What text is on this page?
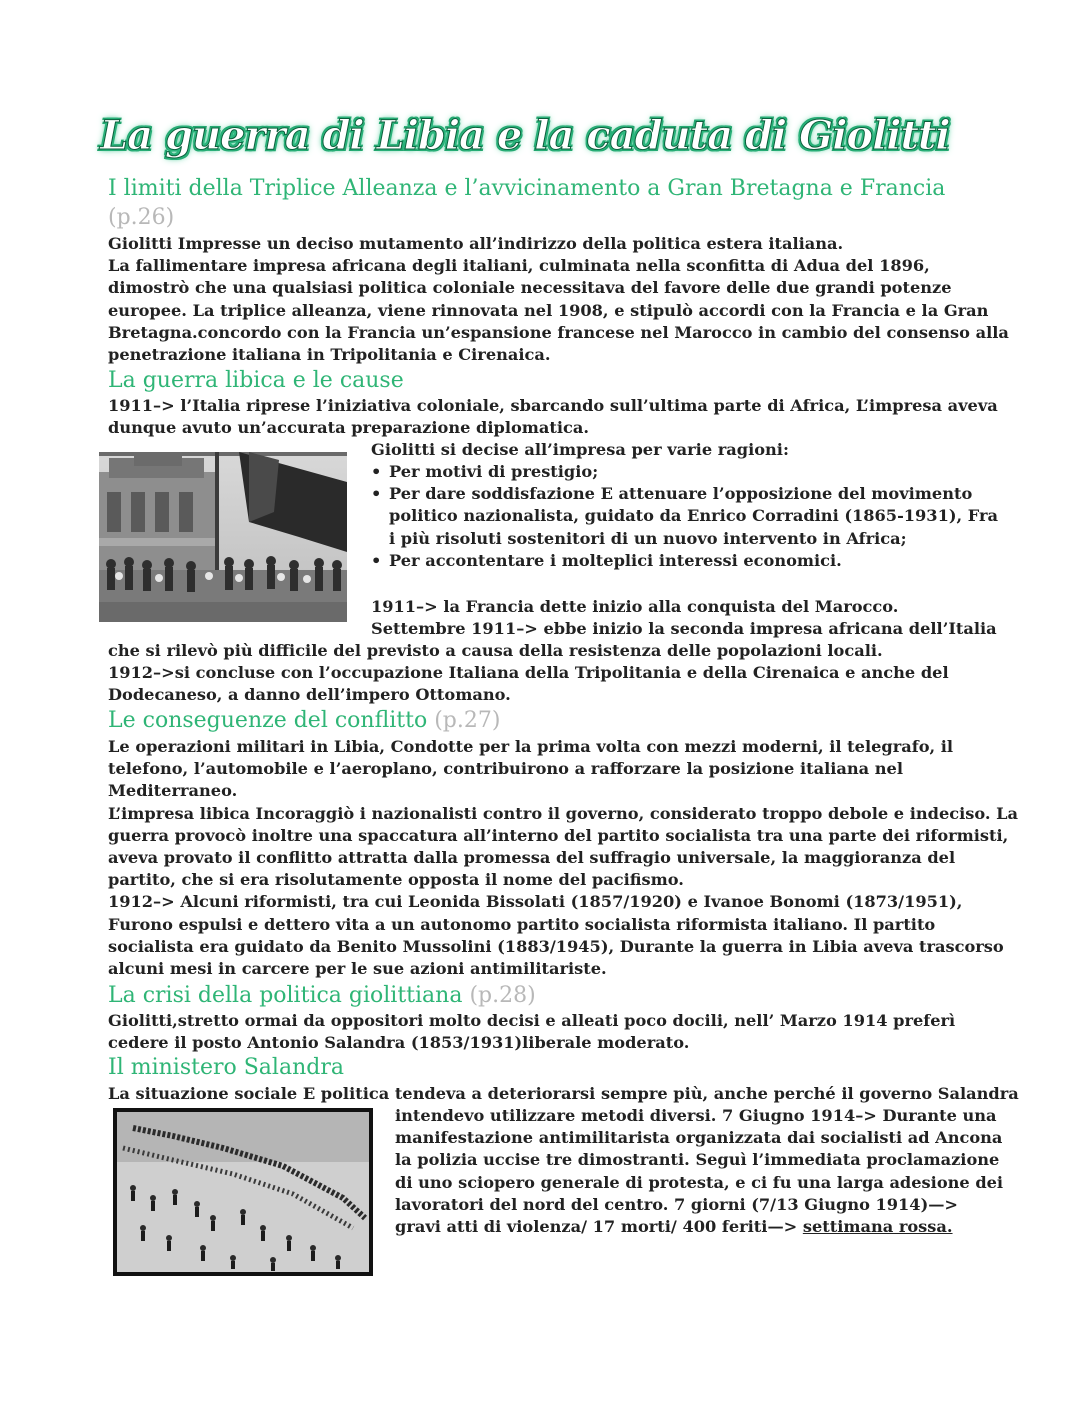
La guerra di Libia e la caduta di Giolitti
I limiti della Triplice Alleanza e l’avvicinamento a Gran Bretagna e Francia
(p.26)
Giolitti Impresse un deciso mutamento all’indirizzo della politica estera italiana.
La fallimentare impresa africana degli italiani, culminata nella sconfitta di Adua del 1896,
dimostrò che una qualsiasi politica coloniale necessitava del favore delle due grandi potenze
europee. La triplice alleanza, viene rinnovata nel 1908, e stipulò accordi con la Francia e la Gran
Bretagna.concordo con la Francia un’espansione francese nel Marocco in cambio del consenso alla
penetrazione italiana in Tripolitania e Cirenaica.
La guerra libica e le cause
1911–> l’Italia riprese l’iniziativa coloniale, sbarcando sull’ultima parte di Africa, L’impresa aveva
dunque avuto un’accurata preparazione diplomatica.
Giolitti si decise all’impresa per varie ragioni:
• Per motivi di prestigio;
• Per dare soddisfazione E attenuare l’opposizione del movimento
politico nazionalista, guidato da Enrico Corradini (1865-1931), Fra
i più risoluti sostenitori di un nuovo intervento in Africa;
• Per accontentare i molteplici interessi economici.
1911–> la Francia dette inizio alla conquista del Marocco.
Settembre 1911–> ebbe inizio la seconda impresa africana dell’Italia
che si rilevò più difficile del previsto a causa della resistenza delle popolazioni locali.
1912–>si concluse con l’occupazione Italiana della Tripolitania e della Cirenaica e anche del
Dodecaneso, a danno dell’impero Ottomano.
Le conseguenze del conflitto (p.27)
Le operazioni militari in Libia, Condotte per la prima volta con mezzi moderni, il telegrafo, il
telefono, l’automobile e l’aeroplano, contribuirono a rafforzare la posizione italiana nel
Mediterraneo.
L’impresa libica Incoraggiò i nazionalisti contro il governo, considerato troppo debole e indeciso. La
guerra provocò inoltre una spaccatura all’interno del partito socialista tra una parte dei riformisti,
aveva provato il conflitto attratta dalla promessa del suffragio universale, la maggioranza del
partito, che si era risolutamente opposta il nome del pacifismo.
1912–> Alcuni riformisti, tra cui Leonida Bissolati (1857/1920) e Ivanoe Bonomi (1873/1951),
Furono espulsi e dettero vita a un autonomo partito socialista riformista italiano. Il partito
socialista era guidato da Benito Mussolini (1883/1945), Durante la guerra in Libia aveva trascorso
alcuni mesi in carcere per le sue azioni antimilitariste.
La crisi della politica giolittiana (p.28)
Giolitti,stretto ormai da oppositori molto decisi e alleati poco docili, nell’ Marzo 1914 preferì
cedere il posto Antonio Salandra (1853/1931)liberale moderato.
Il ministero Salandra
La situazione sociale E politica tendeva a deteriorarsi sempre più, anche perché il governo Salandra
intendevo utilizzare metodi diversi. 7 Giugno 1914–> Durante una
manifestazione antimilitarista organizzata dai socialisti ad Ancona
la polizia uccise tre dimostranti. Seguì l’immediata proclamazione
di uno sciopero generale di protesta, e ci fu una larga adesione dei
lavoratori del nord del centro. 7 giorni (7/13 Giugno 1914)—>
gravi atti di violenza/ 17 morti/ 400 feriti—> settimana rossa.
